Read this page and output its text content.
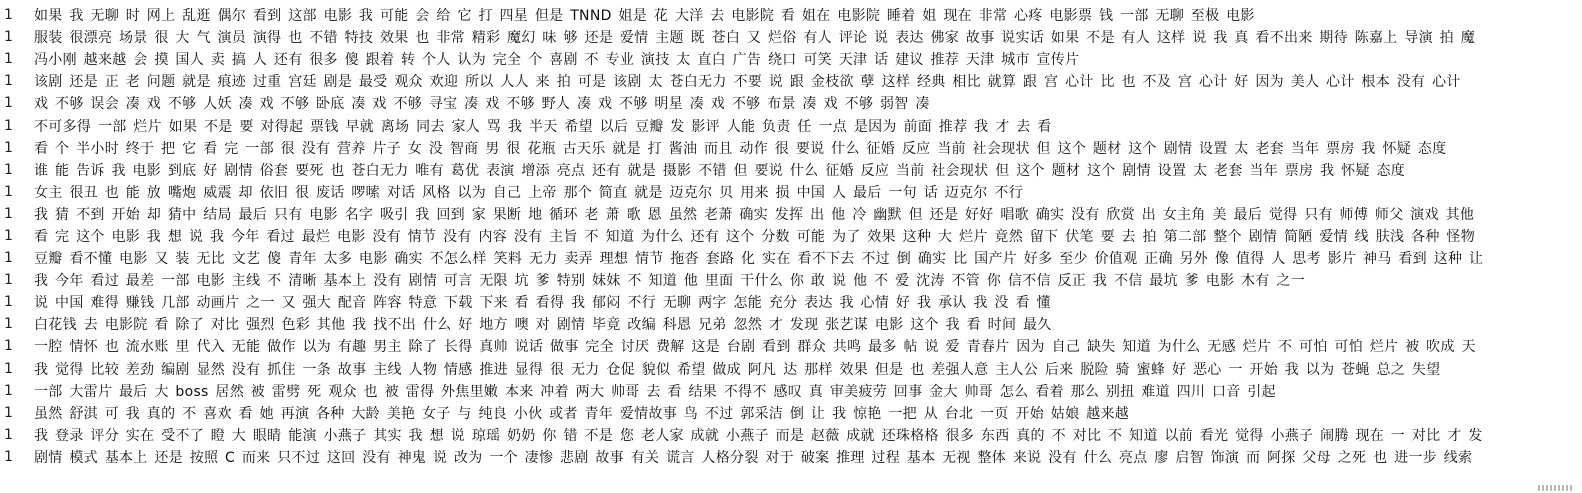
1	如果 我 无聊 时 网上 乱逛 偶尔 看到 这部 电影 我 可能 会 给 它 打 四星 但是 TNND 姐是 花 大洋 去 电影院 看 姐在 电影院 睡着 姐 现在 非常 心疼 电影票 钱 一部 无聊 至极 电影
1	服装 很漂亮 场景 很 大 气 演员 演得 也 不错 特技 效果 也 非常 精彩 魔幻 味 够 还是 爱情 主题 既 苍白 又 烂俗 有人 评论 说 表达 佛家 故事 说实话 如果 不是 有人 这样 说 我 真 看不出来 期待 陈嘉上 导演 拍 魔
1	冯小刚 越来越 会 摸 国人 卖 搞 人 还有 很多 傻 跟着 转 个人 认为 完全 个 喜剧 不 专业 演技 太 直白 广告 绕口 可笑 天津 话 建议 推荐 天津 城市 宣传片
1	该剧 还是 正 老 问题 就是 痕迹 过重 宫廷 剧是 最受 观众 欢迎 所以 人人 来 拍 可是 该剧 太 苍白无力 不要 说 跟 金枝欲 孽 这样 经典 相比 就算 跟 宫 心计 比 也 不及 宫 心计 好 因为 美人 心计 根本 没有 心计
1	戏 不够 误会 凑 戏 不够 人妖 凑 戏 不够 卧底 凑 戏 不够 寻宝 凑 戏 不够 野人 凑 戏 不够 明星 凑 戏 不够 布景 凑 戏 不够 弱智 凑
1	不可多得 一部 烂片 如果 不是 要 对得起 票钱 早就 离场 同去 家人 骂 我 半天 希望 以后 豆瓣 发 影评 人能 负责 任 一点 是因为 前面 推荐 我 才 去 看
1	看 个 半小时 终于 把 它 看 完 一部 很 没有 营养 片子 女 没 智商 男 很 花瓶 古天乐 就是 打 酱油 而且 动作 很 要说 什么 征婚 反应 当前 社会现状 但 这个 题材 这个 剧情 设置 太 老套 当年 票房 我 怀疑 态度
1	谁 能 告诉 我 电影 到底 好 剧情 俗套 要死 也 苍白无力 唯有 葛优 表演 增添 亮点 还有 就是 摄影 不错 但 要说 什么 征婚 反应 当前 社会现状 但 这个 题材 这个 剧情 设置 太 老套 当年 票房 我 怀疑 态度
1	女主 很丑 也 能 放 嘴炮 威震 却 依旧 很 废话 啰嗦 对话 风格 以为 自己 上帝 那个 简直 就是 迈克尔 贝 用来 损 中国 人 最后 一句 话 迈克尔 不行
1	我 猜 不到 开始 却 猜中 结局 最后 只有 电影 名字 吸引 我 回到 家 果断 地 循环 老 萧 歌 恩 虽然 老萧 确实 发挥 出 他 冷 幽默 但 还是 好好 唱歌 确实 没有 欣赏 出 女主角 美 最后 觉得 只有 师傅 师父 演戏 其他
1	看 完 这个 电影 我 想 说 我 今年 看过 最烂 电影 没有 情节 没有 内容 没有 主旨 不 知道 为什么 还有 这个 分数 可能 为了 效果 这种 大 烂片 竟然 留下 伏笔 要 去 拍 第二部 整个 剧情 简陋 爱情 线 肤浅 各种 怪物
1	豆瓣 看不懂 电影 又 装 无比 文艺 傻 青年 太多 电影 确实 不怎么样 笑料 无力 卖弄 理想 情节 拖沓 套路 化 实在 看不下去 不过 倒 确实 比 国产片 好多 至少 价值观 正确 另外 像 值得 人 思考 影片 神马 看到 这种 让
1	我 今年 看过 最差 一部 电影 主线 不 清晰 基本上 没有 剧情 可言 无限 坑 爹 特别 妹妹 不 知道 他 里面 干什么 你 敢 说 他 不 爱 沈涛 不管 你 信不信 反正 我 不信 最坑 爹 电影 木有 之一
1	说 中国 难得 赚钱 几部 动画片 之一 又 强大 配音 阵容 特意 下载 下来 看 看得 我 郁闷 不行 无聊 两字 怎能 充分 表达 我 心情 好 我 承认 我 没 看 懂
1	白花钱 去 电影院 看 除了 对比 强烈 色彩 其他 我 找不出 什么 好 地方 噢 对 剧情 毕竟 改编 科恩 兄弟 忽然 才 发现 张艺谋 电影 这个 我 看 时间 最久
1	一腔 情怀 也 流水账 里 代入 无能 做作 以为 有趣 男主 除了 长得 真帅 说话 做事 完全 讨厌 费解 这是 台剧 看到 群众 共鸣 最多 帖 说 爱 青春片 因为 自己 缺失 知道 为什么 无感 烂片 不 可怕 可怕 烂片 被 吹成 天
1	我 觉得 比较 差劲 编剧 显然 没有 抓住 一条 故事 主线 人物 情感 推进 显得 很 无力 仓促 貌似 希望 做成 阿凡 达 那样 效果 但是 也 差强人意 主人公 后来 脱险 骑 蜜蜂 好 恶心 一 开始 我 以为 苍蝇 总之 失望
1	一部 大雷片 最后 大 boss 居然 被 雷劈 死 观众 也 被 雷得 外焦里嫩 本来 冲着 两大 帅哥 去 看 结果 不得不 感叹 真 审美疲劳 回事 金大 帅哥 怎么 看着 那么 别扭 难道 四川 口音 引起
1	虽然 舒淇 可 我 真的 不 喜欢 看 她 再演 各种 大龄 美艳 女子 与 纯良 小伙 或者 青年 爱情故事 鸟 不过 郭采洁 倒 让 我 惊艳 一把 从 台北 一页 开始 姑娘 越来越
1	我 登录 评分 实在 受不了 瞪 大 眼睛 能演 小燕子 其实 我 想 说 琼瑶 奶奶 你 错 不是 您 老人家 成就 小燕子 而是 赵薇 成就 还珠格格 很多 东西 真的 不 对比 不 知道 以前 看光 觉得 小燕子 闹腾 现在 一 对比 才 发
1	剧情 模式 基本上 还是 按照 C 而来 只不过 这回 没有 神鬼 说 改为 一个 凄惨 悲剧 故事 有关 谎言 人格分裂 对于 破案 推理 过程 基本 无视 整体 来说 没有 什么 亮点 廖 启智 饰演 而 阿探 父母 之死 也 进一步 线索
